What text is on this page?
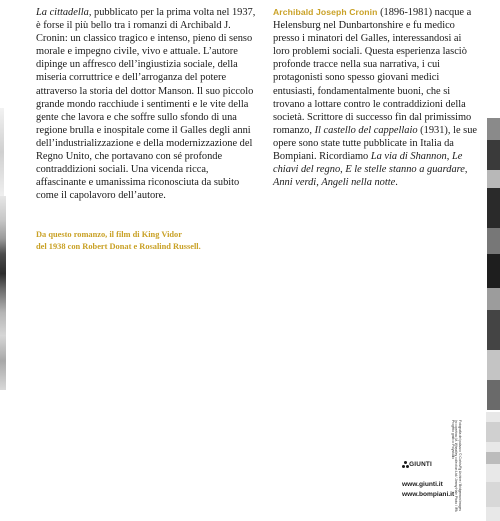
La cittadella, pubblicato per la prima volta nel 1937, è forse il più bello tra i romanzi di Archibald J. Cronin: un classico tragico e intenso, pieno di senso morale e impegno civile, vivo e attuale. L’autore dipinge un affresco dell’ingiustizia sociale, della miseria corruttrice e dell’arroganza del potere attraverso la storia del dottor Manson. Il suo piccolo grande mondo racchiude i sentimenti e le vite della gente che lavora e che soffre sullo sfondo di una regione brulla e inospitale come il Galles degli anni dell’industrializzazione e della modernizzazione del Regno Unito, che portavano con sé profonde contraddizioni sociali. Una vicenda ricca, affascinante e umanissima riconosciuta da subito come il capolavoro dell’autore.

Da questo romanzo, il film di King Vidor
del 1938 con Robert Donat e Rosalind Russell.

Archibald Joseph Cronin (1896-1981) nacque a Helensburg nel Dunbartonshire e fu medico presso i minatori del Galles, interessandosi ai loro problemi sociali. Questa esperienza lasciò profonde tracce nella sua narrativa, i cui protagonisti sono spesso giovani medici entusiasti, fondamentalmente buoni, che si trovano a lottare contro le contraddizioni della società. Scrittore di successo fin dal primissimo romanzo, Il castello del cappellaio (1931), le sue opere sono state tutte pubblicate in Italia da Bompiani. Ricordiamo La via di Shannon, Le chiavi del regno, E le stelle stanno a guardare, Anni verdi, Angeli nella notte.

Fotografia del palazzo: © Corbis/Fg Archive / Bridgeman Images
In copertina: M. Wheatley collection Ltd / Jimmy Hale Photo / IPA
Progetto grafico: Polystudio
GIUNTI
www.giunti.it
www.bompiani.it
